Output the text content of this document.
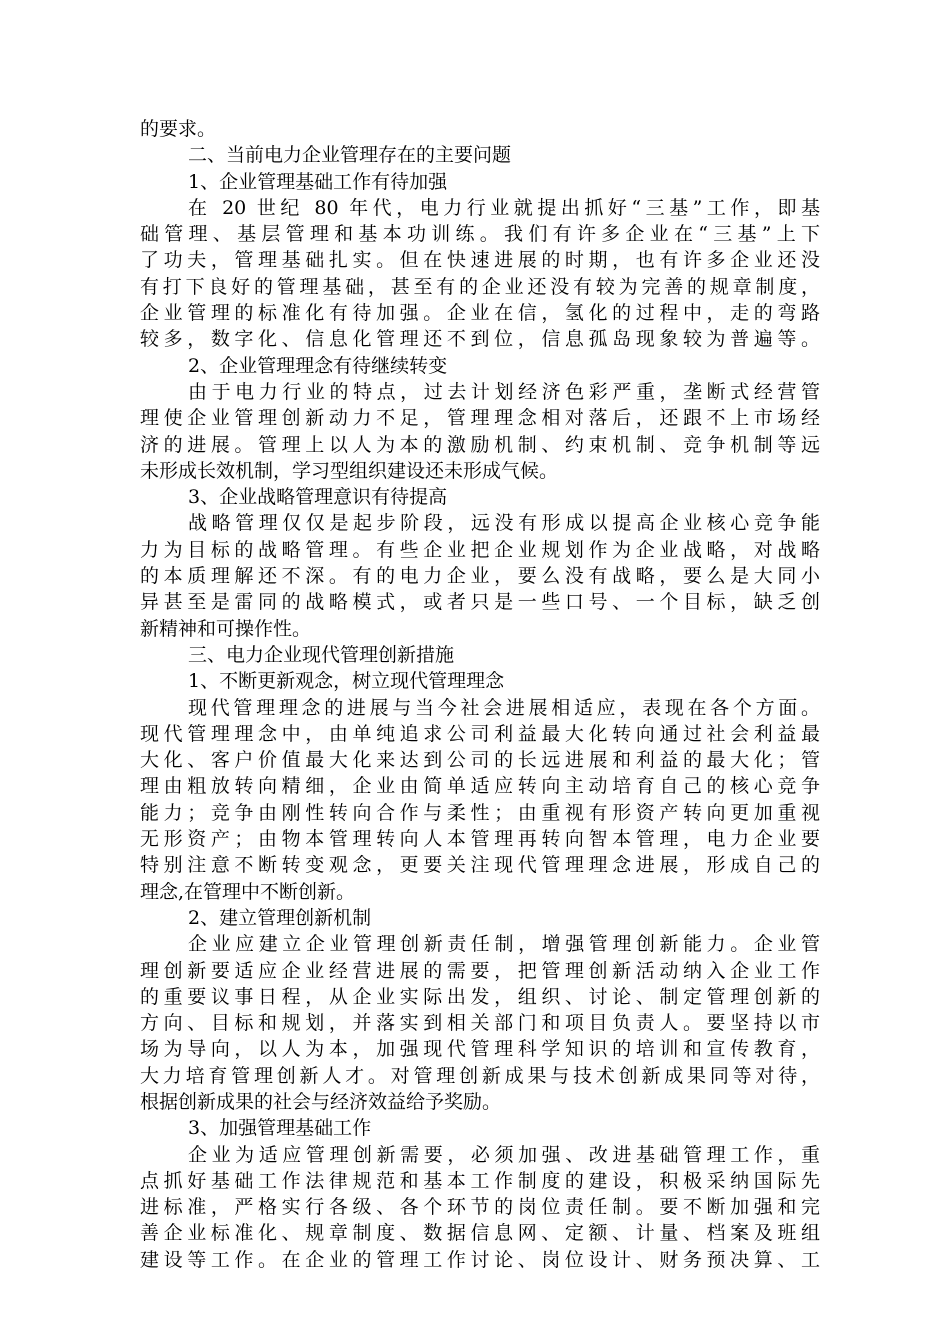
的要求。
二、当前电力企业管理存在的主要问题
1、企业管理基础工作有待加强
在 20 世纪 80 年代，电力行业就提出抓好“三基”工作，即基
础管理、基层管理和基本功训练。我们有许多企业在“三基”上下
了功夫，管理基础扎实。但在快速进展的时期，也有许多企业还没
有打下良好的管理基础，甚至有的企业还没有较为完善的规章制度，
企业管理的标准化有待加强。企业在信，氢化的过程中，走的弯路
较多，数字化、信息化管理还不到位，信息孤岛现象较为普遍等。
2、企业管理理念有待继续转变
由于电力行业的特点，过去计划经济色彩严重，垄断式经营管
理使企业管理创新动力不足，管理理念相对落后，还跟不上市场经
济的进展。管理上以人为本的激励机制、约束机制、竞争机制等远
未形成长效机制，学习型组织建设还未形成气候。
3、企业战略管理意识有待提高
战略管理仅仅是起步阶段，远没有形成以提高企业核心竞争能
力为目标的战略管理。有些企业把企业规划作为企业战略，对战略
的本质理解还不深。有的电力企业，要么没有战略，要么是大同小
异甚至是雷同的战略模式，或者只是一些口号、一个目标，缺乏创
新精神和可操作性。
三、电力企业现代管理创新措施
1、不断更新观念，树立现代管理理念
现代管理理念的进展与当今社会进展相适应，表现在各个方面。
现代管理理念中，由单纯追求公司利益最大化转向通过社会利益最
大化、客户价值最大化来达到公司的长远进展和利益的最大化；管
理由粗放转向精细，企业由简单适应转向主动培育自己的核心竞争
能力；竞争由刚性转向合作与柔性；由重视有形资产转向更加重视
无形资产；由物本管理转向人本管理再转向智本管理，电力企业要
特别注意不断转变观念，更要关注现代管理理念进展，形成自己的
理念,在管理中不断创新。
2、建立管理创新机制
企业应建立企业管理创新责任制，增强管理创新能力。企业管
理创新要适应企业经营进展的需要，把管理创新活动纳入企业工作
的重要议事日程，从企业实际出发，组织、讨论、制定管理创新的
方向、目标和规划，并落实到相关部门和项目负责人。要坚持以市
场为导向，以人为本，加强现代管理科学知识的培训和宣传教育，
大力培育管理创新人才。对管理创新成果与技术创新成果同等对待，
根据创新成果的社会与经济效益给予奖励。
3、加强管理基础工作
企业为适应管理创新需要，必须加强、改进基础管理工作，重
点抓好基础工作法律规范和基本工作制度的建设，积极采纳国际先
进标准，严格实行各级、各个环节的岗位责任制。要不断加强和完
善企业标准化、规章制度、数据信息网、定额、计量、档案及班组
建设等工作。在企业的管理工作讨论、岗位设计、财务预决算、工
